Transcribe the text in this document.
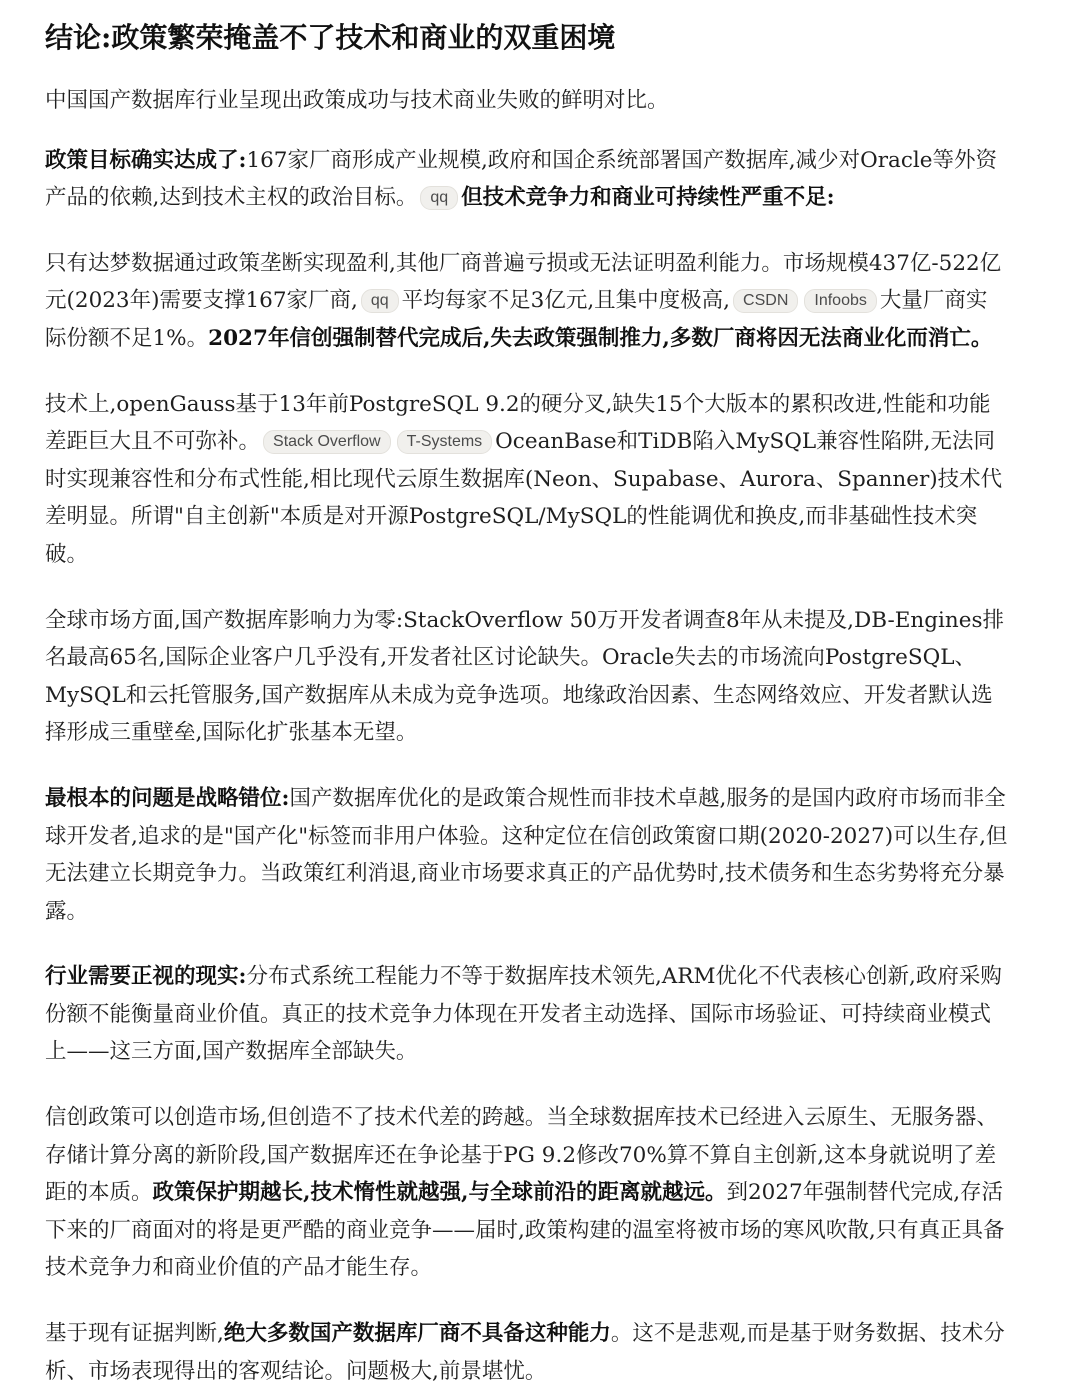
结论:政策繁荣掩盖不了技术和商业的双重困境

中国国产数据库行业呈现出政策成功与技术商业失败的鲜明对比。

政策目标确实达成了:167家厂商形成产业规模,政府和国企系统部署国产数据库,减少对Oracle等外资产品的依赖,达到技术主权的政治目标。 qq 但技术竞争力和商业可持续性严重不足:

只有达梦数据通过政策垄断实现盈利,其他厂商普遍亏损或无法证明盈利能力。市场规模437亿-522亿元(2023年)需要支撑167家厂商, qq 平均每家不足3亿元,且集中度极高, CSDN Infoobs 大量厂商实际份额不足1%。2027年信创强制替代完成后,失去政策强制推力,多数厂商将因无法商业化而消亡。

技术上,openGauss基于13年前PostgreSQL 9.2的硬分叉,缺失15个大版本的累积改进,性能和功能差距巨大且不可弥补。 Stack Overflow T-Systems OceanBase和TiDB陷入MySQL兼容性陷阱,无法同时实现兼容性和分布式性能,相比现代云原生数据库(Neon、Supabase、Aurora、Spanner)技术代差明显。所谓"自主创新"本质是对开源PostgreSQL/MySQL的性能调优和换皮,而非基础性技术突破。

全球市场方面,国产数据库影响力为零:StackOverflow 50万开发者调查8年从未提及,DB-Engines排名最高65名,国际企业客户几乎没有,开发者社区讨论缺失。Oracle失去的市场流向PostgreSQL、MySQL和云托管服务,国产数据库从未成为竞争选项。地缘政治因素、生态网络效应、开发者默认选择形成三重壁垒,国际化扩张基本无望。

最根本的问题是战略错位:国产数据库优化的是政策合规性而非技术卓越,服务的是国内政府市场而非全球开发者,追求的是"国产化"标签而非用户体验。这种定位在信创政策窗口期(2020-2027)可以生存,但无法建立长期竞争力。当政策红利消退,商业市场要求真正的产品优势时,技术债务和生态劣势将充分暴露。

行业需要正视的现实:分布式系统工程能力不等于数据库技术领先,ARM优化不代表核心创新,政府采购份额不能衡量商业价值。真正的技术竞争力体现在开发者主动选择、国际市场验证、可持续商业模式上——这三方面,国产数据库全部缺失。

信创政策可以创造市场,但创造不了技术代差的跨越。当全球数据库技术已经进入云原生、无服务器、存储计算分离的新阶段,国产数据库还在争论基于PG 9.2修改70%算不算自主创新,这本身就说明了差距的本质。政策保护期越长,技术惰性就越强,与全球前沿的距离就越远。到2027年强制替代完成,存活下来的厂商面对的将是更严酷的商业竞争——届时,政策构建的温室将被市场的寒风吹散,只有真正具备技术竞争力和商业价值的产品才能生存。

基于现有证据判断,绝大多数国产数据库厂商不具备这种能力。这不是悲观,而是基于财务数据、技术分析、市场表现得出的客观结论。问题极大,前景堪忧。
